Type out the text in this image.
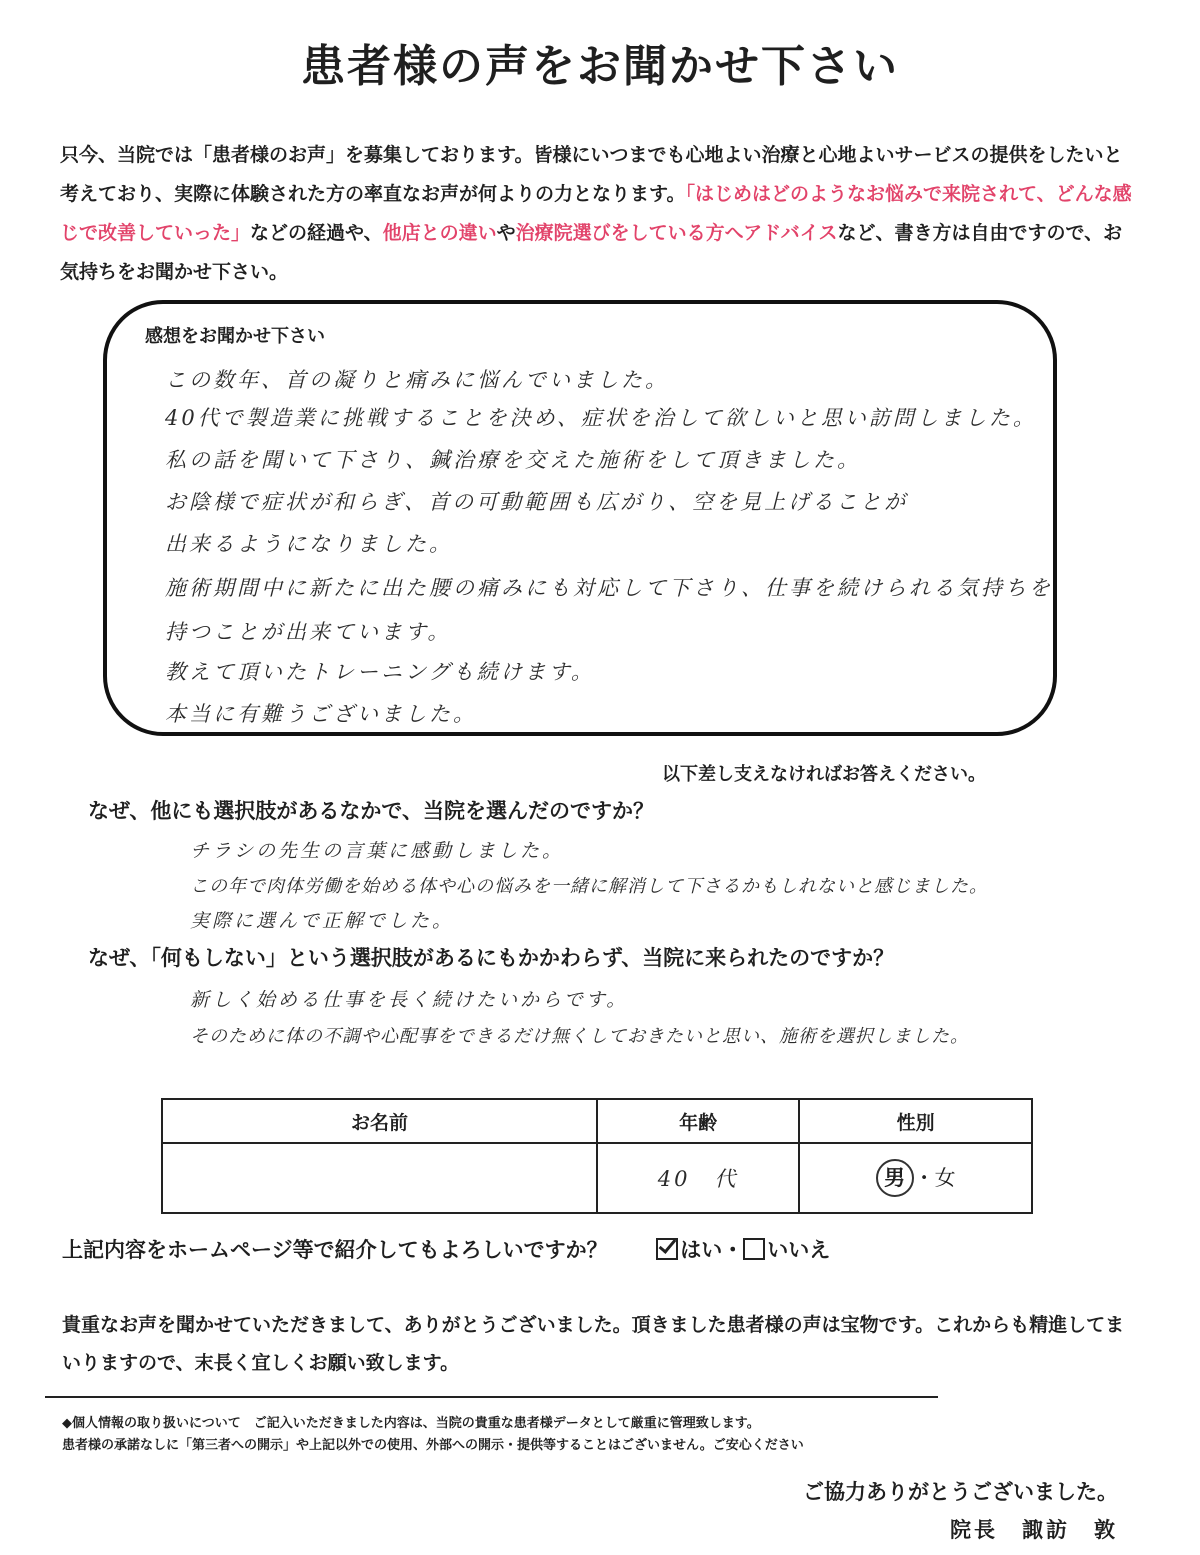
患者様の声をお聞かせ下さい
只今、当院では「患者様のお声」を募集しております。皆様にいつまでも心地よい治療と心地よいサービスの提供をしたいと考えており、実際に体験された方の率直なお声が何よりの力となります。「はじめはどのようなお悩みで来院されて、どんな感じで改善していった」などの経過や、他店との違いや治療院選びをしている方へアドバイスなど、書き方は自由ですので、お気持ちをお聞かせ下さい。
感想をお聞かせ下さい
この数年、首の凝りと痛みに悩んでいました。
40代で製造業に挑戦することを決め、症状を治して欲しいと思い訪問しました。
私の話を聞いて下さり、鍼治療を交えた施術をして頂きました。
お陰様で症状が和らぎ、首の可動範囲も広がり、空を見上げることが
出来るようになりました。
施術期間中に新たに出た腰の痛みにも対応して下さり、仕事を続けられる気持ちを
持つことが出来ています。
教えて頂いたトレーニングも続けます。
本当に有難うございました。
以下差し支えなければお答えください。
なぜ、他にも選択肢があるなかで、当院を選んだのですか？
チラシの先生の言葉に感動しました。
この年で肉体労働を始める体や心の悩みを一緒に解消して下さるかもしれないと感じました。
実際に選んで正解でした。
なぜ、「何もしない」という選択肢があるにもかかわらず、当院に来られたのですか？
新しく始める仕事を長く続けたいからです。
そのために体の不調や心配事をできるだけ無くしておきたいと思い、施術を選択しました。
お名前	年齢	性別
	40　代	男 ・女
上記内容をホームページ等で紹介してもよろしいですか？	はい・ いいえ
貴重なお声を聞かせていただきまして、ありがとうございました。頂きました患者様の声は宝物です。これからも精進してまいりますので、末長く宜しくお願い致します。
◆個人情報の取り扱いについて　ご記入いただきました内容は、当院の貴重な患者様データとして厳重に管理致します。
患者様の承諾なしに「第三者への開示」や上記以外での使用、外部への開示・提供等することはございません。ご安心ください
ご協力ありがとうございました。
院長　諏訪　敦
